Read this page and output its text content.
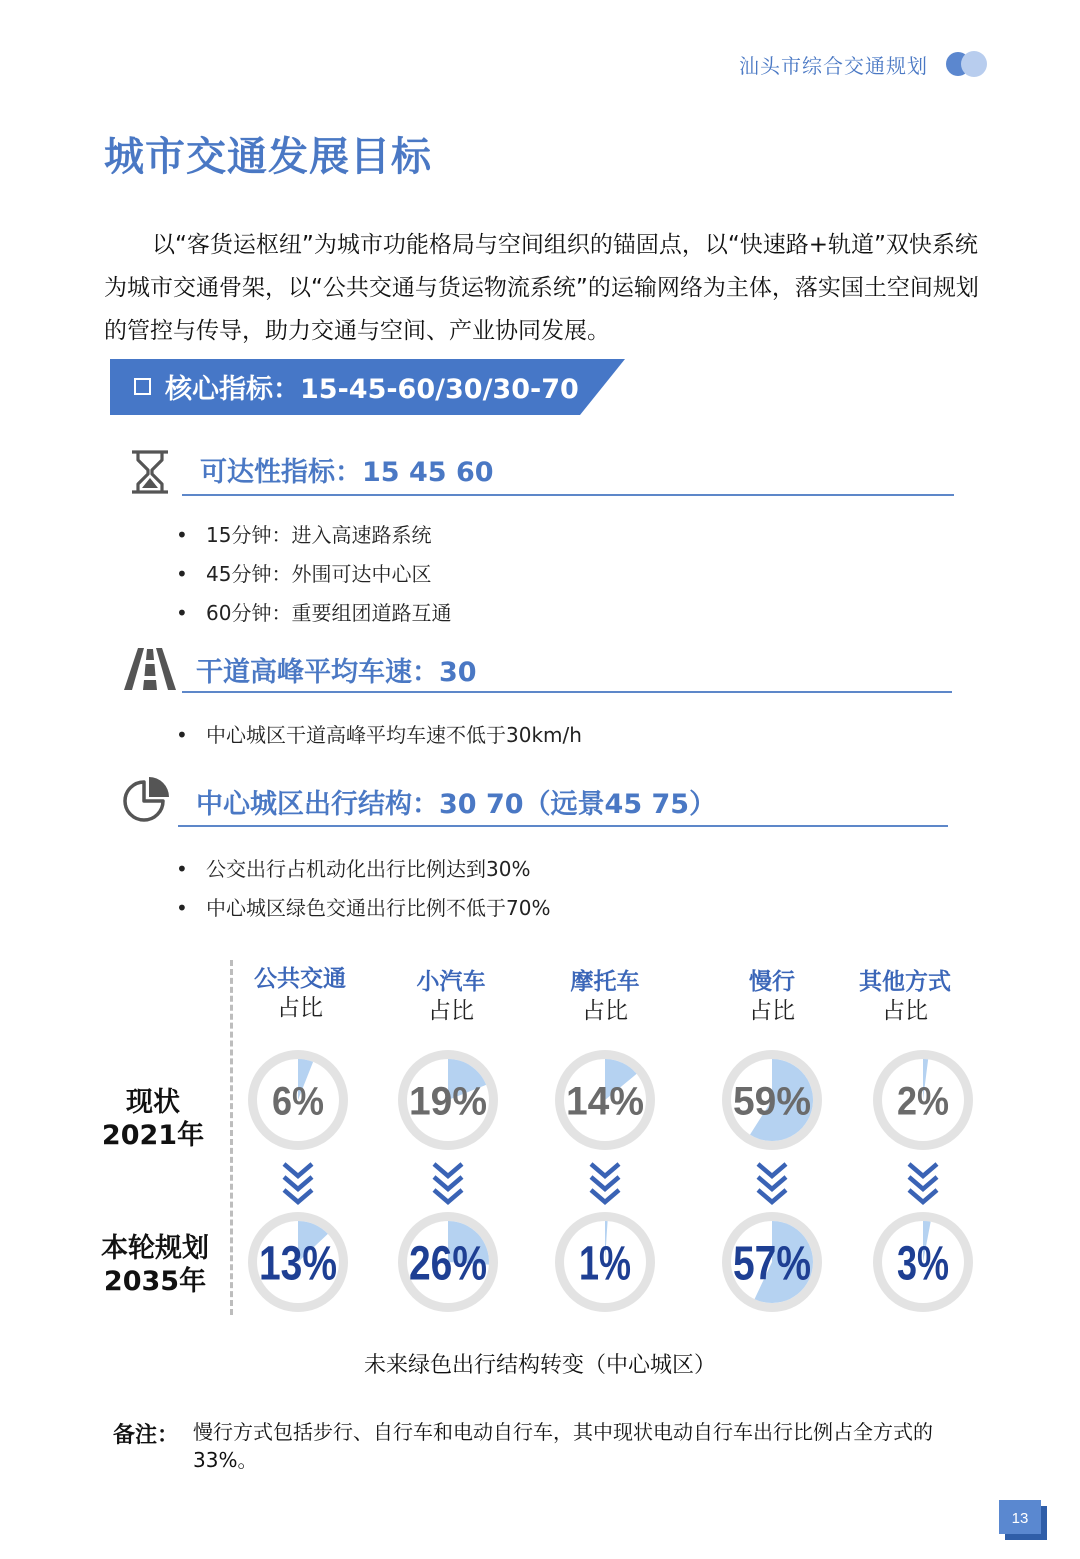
汕头市综合交通规划
城市交通发展目标
以“客货运枢纽”为城市功能格局与空间组织的锚固点，以“快速路+轨道”双快系统为城市交通骨架，以“公共交通与货运物流系统”的运输网络为主体，落实国土空间规划的管控与传导，助力交通与空间、产业协同发展。
核心指标：15-45-60/30/30-70
可达性指标：15 45 60
• 15分钟：进入高速路系统
• 45分钟：外围可达中心区
• 60分钟：重要组团道路互通
干道高峰平均车速：30
• 中心城区干道高峰平均车速不低于30km/h
中心城区出行结构：30 70（远景45 75）
• 公交出行占机动化出行比例达到30%
• 中心城区绿色交通出行比例不低于70%
公共交通
占比
小汽车
占比
摩托车
占比
慢行
占比
其他方式
占比
现状
2021年
本轮规划
2035年
6% 19% 14% 59% 2%
13% 26% 1% 57% 3%
未来绿色出行结构转变（中心城区）
备注： 慢行方式包括步行、自行车和电动自行车，其中现状电动自行车出行比例占全方式的33%。
13
